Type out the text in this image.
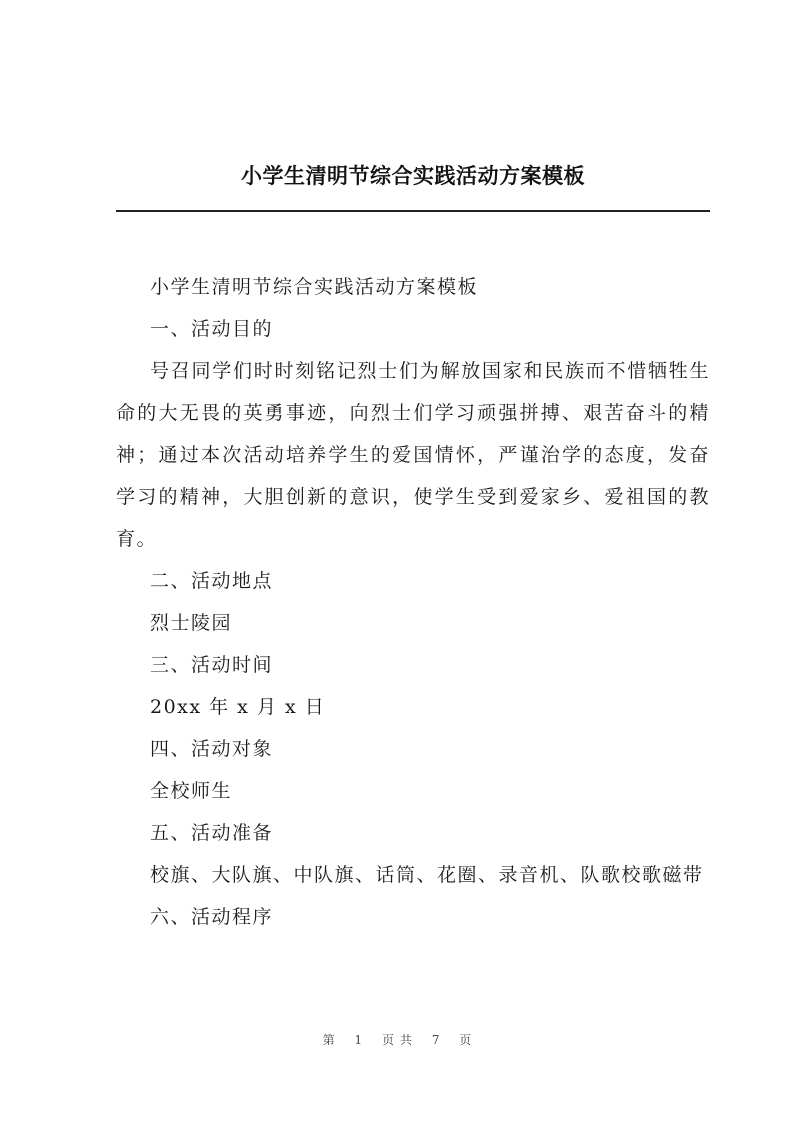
小学生清明节综合实践活动方案模板

小学生清明节综合实践活动方案模板

一、活动目的

号召同学们时时刻铭记烈士们为解放国家和民族而不惜牺牲生命的大无畏的英勇事迹，向烈士们学习顽强拼搏、艰苦奋斗的精神；通过本次活动培养学生的爱国情怀，严谨治学的态度，发奋学习的精神，大胆创新的意识，使学生受到爱家乡、爱祖国的教育。

二、活动地点

烈士陵园

三、活动时间

20xx 年 x 月 x 日

四、活动对象

全校师生

五、活动准备

校旗、大队旗、中队旗、话筒、花圈、录音机、队歌校歌磁带

六、活动程序

第 1 页共 7 页
